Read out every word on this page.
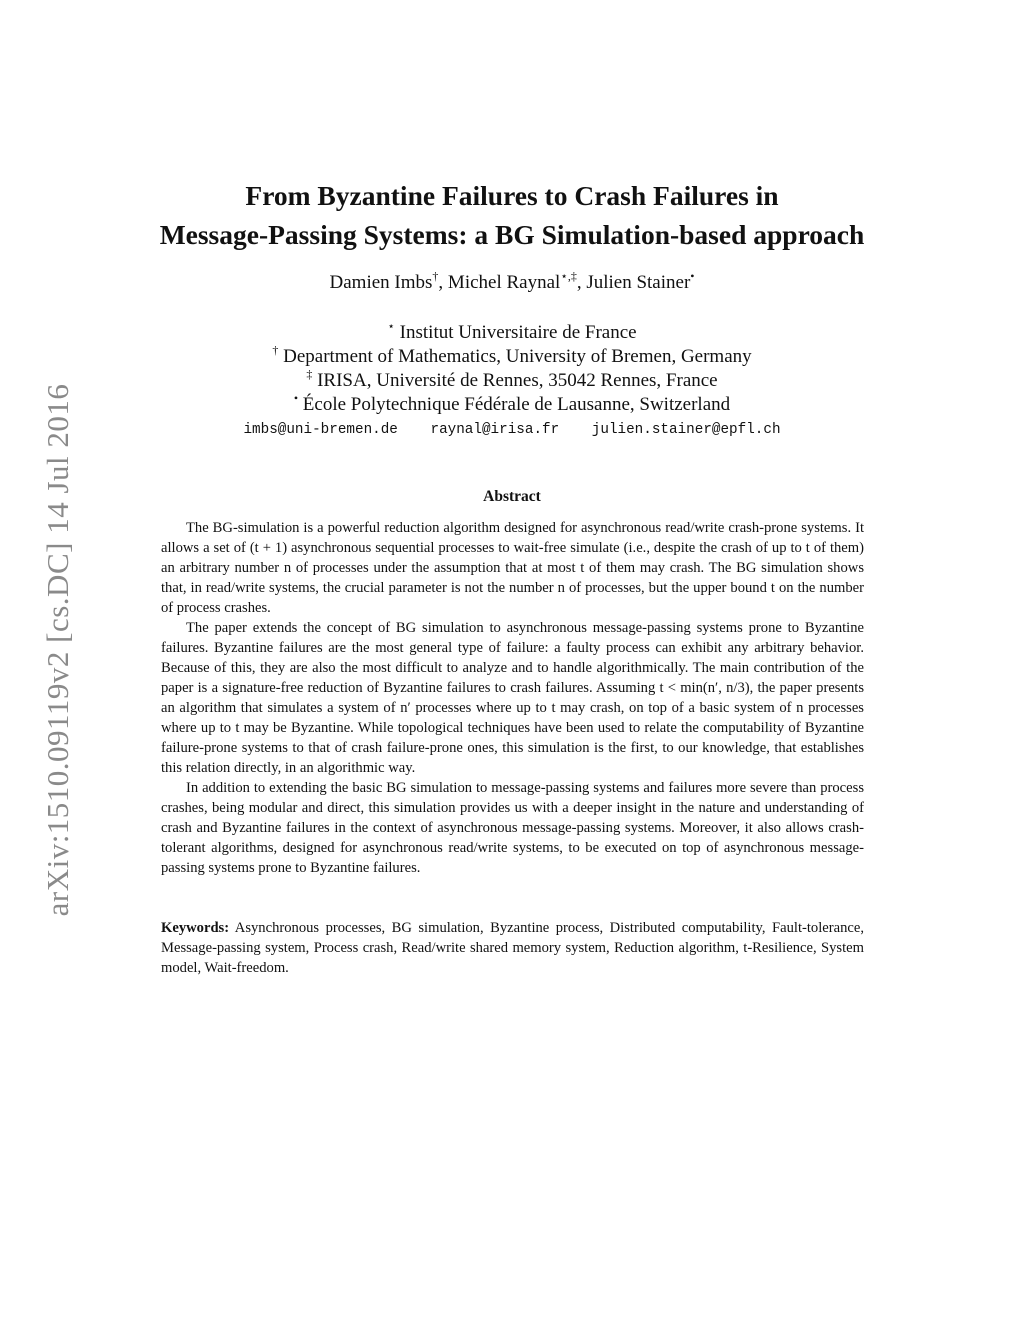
arXiv:1510.09119v2 [cs.DC] 14 Jul 2016
From Byzantine Failures to Crash Failures in
Message-Passing Systems: a BG Simulation-based approach
Damien Imbs†, Michel Raynal⋆,‡, Julien Stainer•
⋆ Institut Universitaire de France
† Department of Mathematics, University of Bremen, Germany
‡ IRISA, Université de Rennes, 35042 Rennes, France
• École Polytechnique Fédérale de Lausanne, Switzerland
imbs@uni-bremen.de raynal@irisa.fr julien.stainer@epfl.ch
Abstract

The BG-simulation is a powerful reduction algorithm designed for asynchronous read/write crash-prone systems. It allows a set of (t + 1) asynchronous sequential processes to wait-free simulate (i.e., despite the crash of up to t of them) an arbitrary number n of processes under the assumption that at most t of them may crash. The BG simulation shows that, in read/write systems, the crucial parameter is not the number n of processes, but the upper bound t on the number of process crashes.

The paper extends the concept of BG simulation to asynchronous message-passing systems prone to Byzantine failures. Byzantine failures are the most general type of failure: a faulty process can exhibit any arbitrary behavior. Because of this, they are also the most difficult to analyze and to handle algorithmically. The main contribution of the paper is a signature-free reduction of Byzantine failures to crash failures. Assuming t < min(n′, n/3), the paper presents an algorithm that simulates a system of n′ processes where up to t may crash, on top of a basic system of n processes where up to t may be Byzantine. While topological techniques have been used to relate the computability of Byzantine failure-prone systems to that of crash failure-prone ones, this simulation is the first, to our knowledge, that establishes this relation directly, in an algorithmic way.

In addition to extending the basic BG simulation to message-passing systems and failures more severe than process crashes, being modular and direct, this simulation provides us with a deeper insight in the nature and understanding of crash and Byzantine failures in the context of asynchronous message-passing systems. Moreover, it also allows crash-tolerant algorithms, designed for asynchronous read/write systems, to be executed on top of asynchronous message-passing systems prone to Byzantine failures.

Keywords: Asynchronous processes, BG simulation, Byzantine process, Distributed computability, Fault-tolerance, Message-passing system, Process crash, Read/write shared memory system, Reduction algorithm, t-Resilience, System model, Wait-freedom.
